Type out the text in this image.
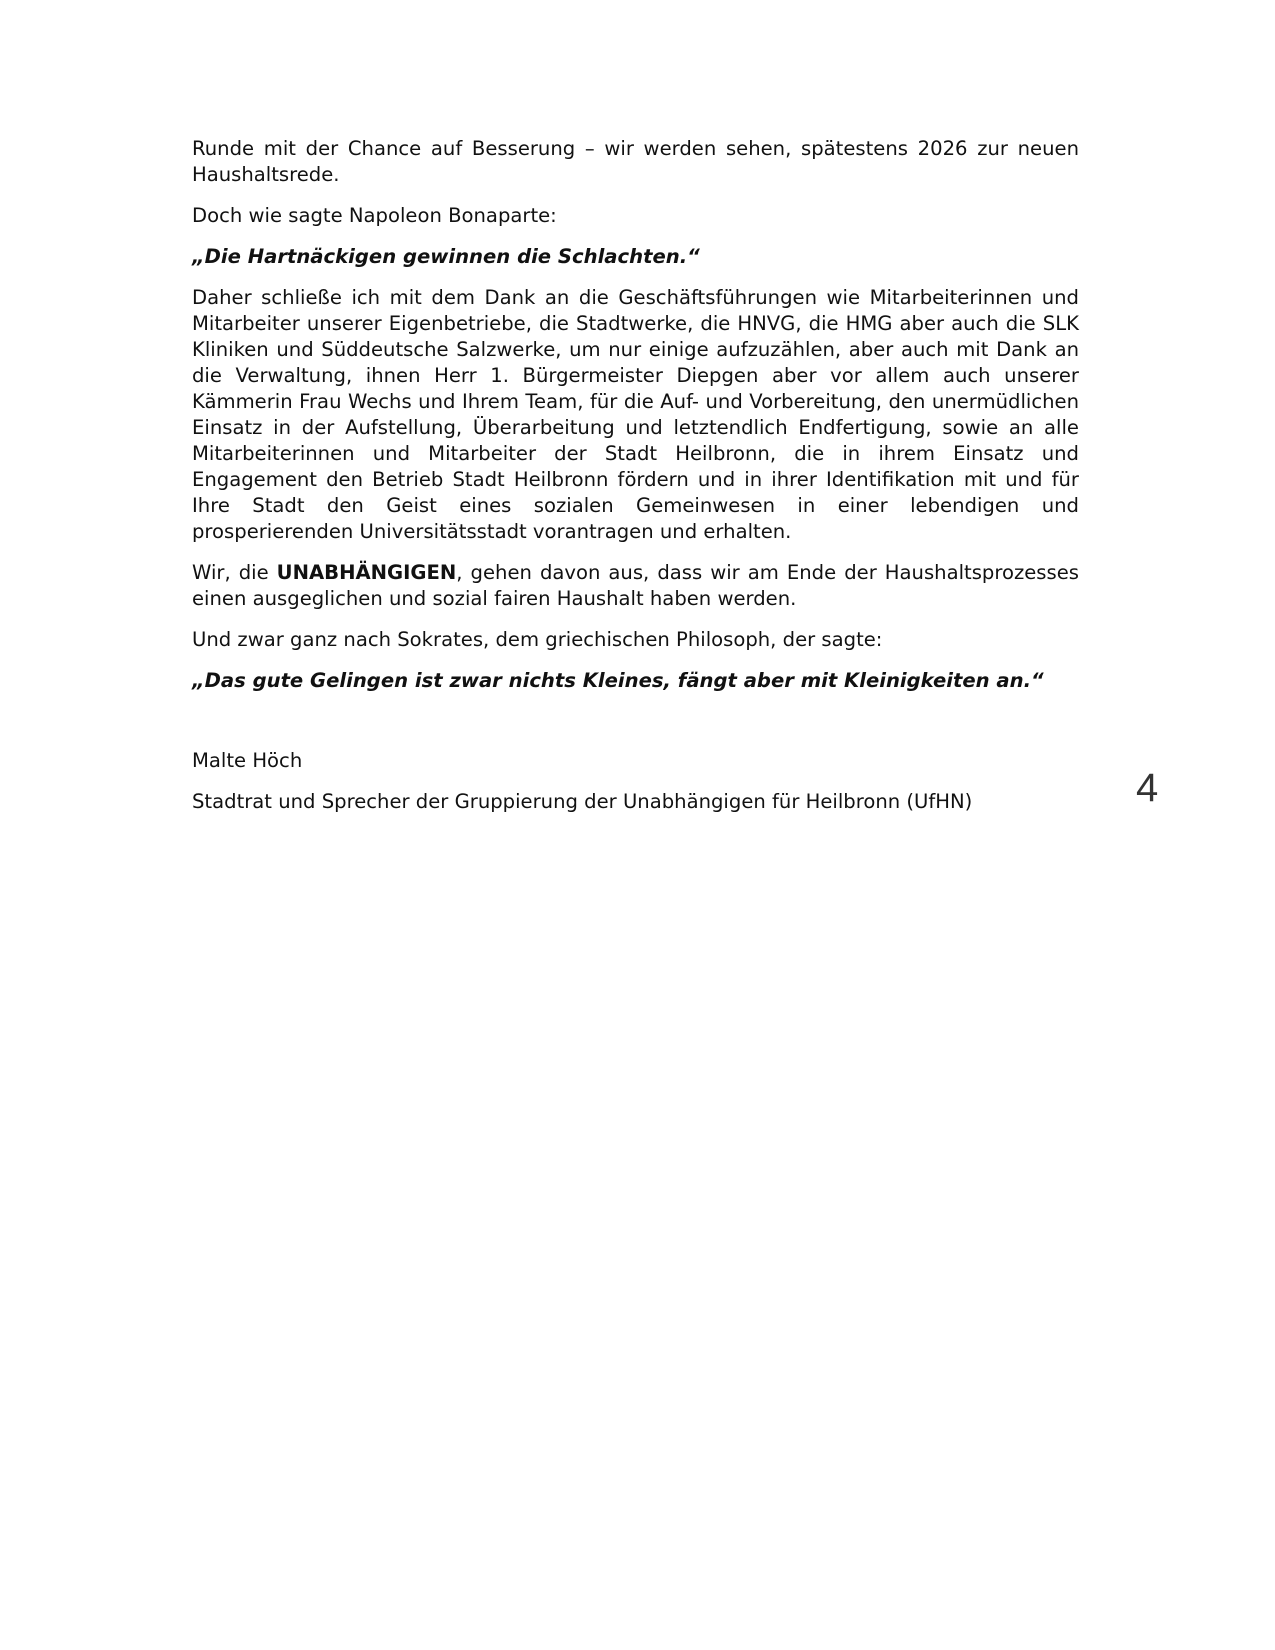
Runde mit der Chance auf Besserung – wir werden sehen, spätestens 2026 zur neuen Haushaltsrede.

Doch wie sagte Napoleon Bonaparte:

„Die Hartnäckigen gewinnen die Schlachten.“

Daher schließe ich mit dem Dank an die Geschäftsführungen wie Mitarbeiterinnen und Mitarbeiter unserer Eigenbetriebe, die Stadtwerke, die HNVG, die HMG aber auch die SLK Kliniken und Süddeutsche Salzwerke, um nur einige aufzuzählen, aber auch mit Dank an die Verwaltung, ihnen Herr 1. Bürgermeister Diepgen aber vor allem auch unserer Kämmerin Frau Wechs und Ihrem Team, für die Auf- und Vorbereitung, den unermüdlichen Einsatz in der Aufstellung, Überarbeitung und letztendlich Endfertigung, sowie an alle Mitarbeiterinnen und Mitarbeiter der Stadt Heilbronn, die in ihrem Einsatz und Engagement den Betrieb Stadt Heilbronn fördern und in ihrer Identifikation mit und für Ihre Stadt den Geist eines sozialen Gemeinwesen in einer lebendigen und prosperierenden Universitätsstadt vorantragen und erhalten.

Wir, die UNABHÄNGIGEN, gehen davon aus, dass wir am Ende der Haushaltsprozesses einen ausgeglichen und sozial fairen Haushalt haben werden.

Und zwar ganz nach Sokrates, dem griechischen Philosoph, der sagte:

„Das gute Gelingen ist zwar nichts Kleines, fängt aber mit Kleinigkeiten an.“

Malte Höch

Stadtrat und Sprecher der Gruppierung der Unabhängigen für Heilbronn (UfHN)	4
